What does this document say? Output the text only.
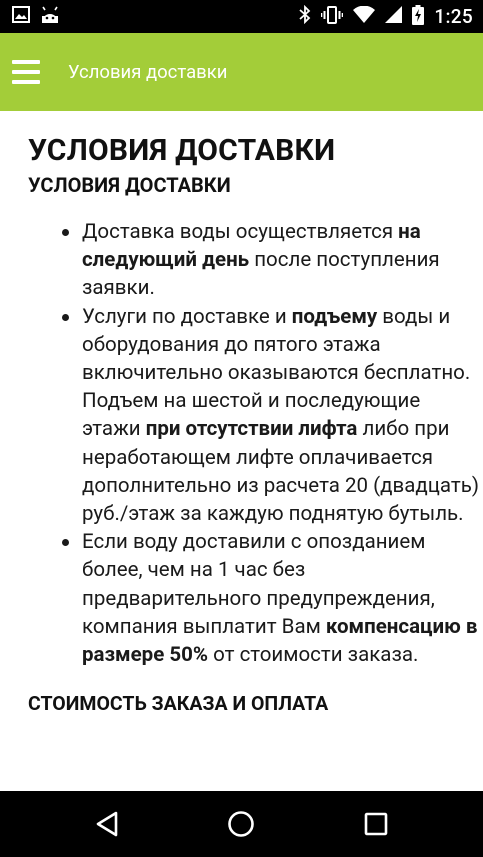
1:25
Условия доставки
УСЛОВИЯ ДОСТАВКИ
УСЛОВИЯ ДОСТАВКИ
Доставка воды осуществляется на следующий день после поступления заявки.
Услуги по доставке и подъему воды и оборудования до пятого этажа включительно оказываются бесплатно. Подъем на шестой и последующие этажи при отсутствии лифта либо при неработающем лифте оплачивается дополнительно из расчета 20 (двадцать) руб./этаж за каждую поднятую бутыль.
Если воду доставили с опозданием более, чем на 1 час без предварительного предупреждения, компания выплатит Вам компенсацию в размере 50% от стоимости заказа.
СТОИМОСТЬ ЗАКАЗА И ОПЛАТА
